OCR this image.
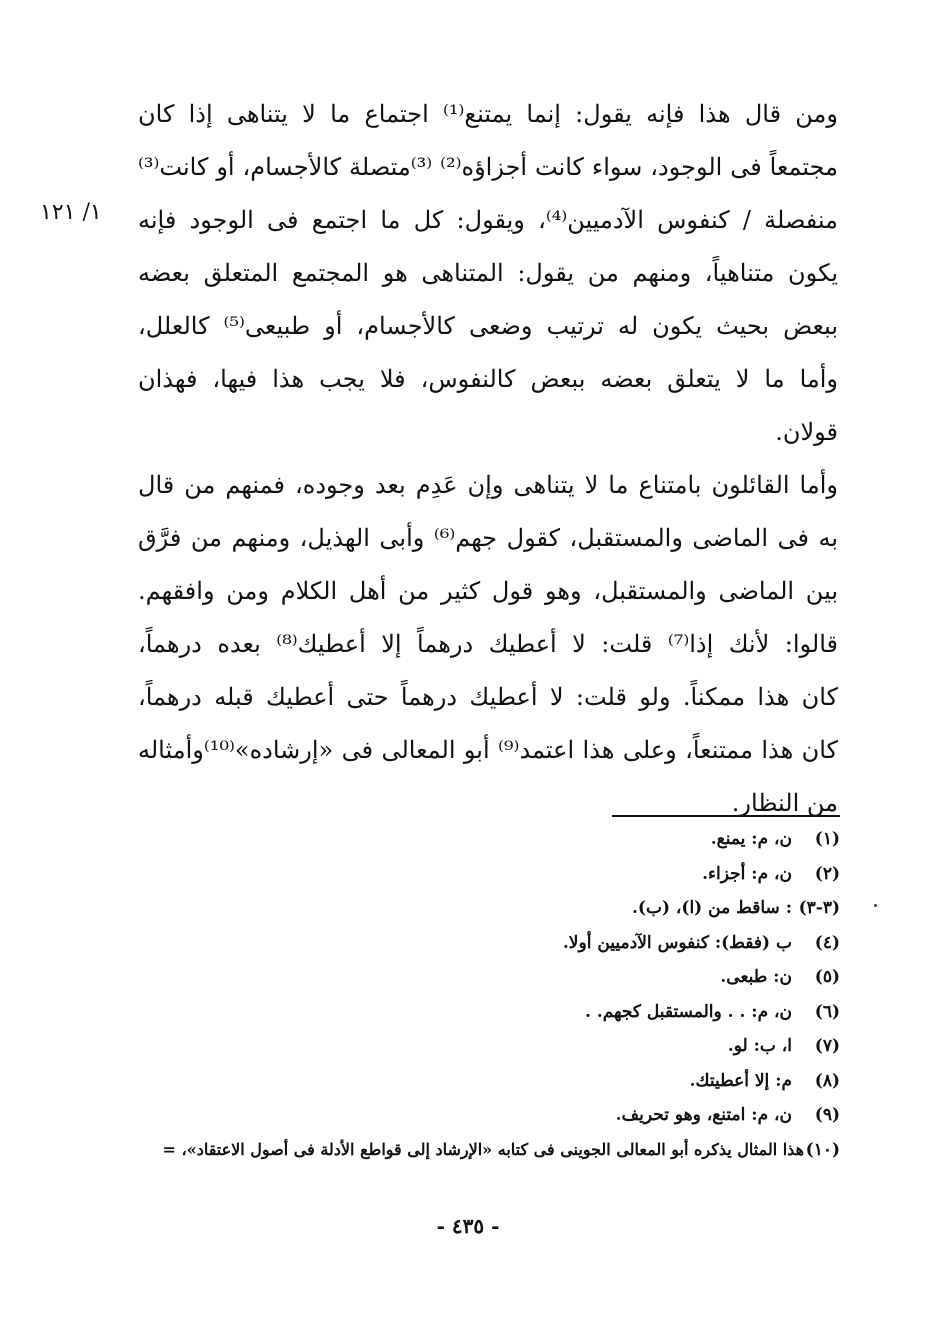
١/ ١٢١
ومن قال هذا فإنه يقول: إنما يمتنع⁽¹⁾ اجتماع ما لا يتناهى إذا كان
مجتمعاً فى الوجود، سواء كانت أجزاؤه⁽²⁾ ⁽³⁾متصلة كالأجسام، أو كانت⁽³⁾
منفصلة / كنفوس الآدميين⁽⁴⁾، ويقول: كل ما اجتمع فى الوجود فإنه
يكون متناهياً، ومنهم من يقول: المتناهى هو المجتمع المتعلق بعضه
ببعض بحيث يكون له ترتيب وضعى كالأجسام، أو طبيعى⁽⁵⁾ كالعلل،
وأما ما لا يتعلق بعضه ببعض كالنفوس، فلا يجب هذا فيها، فهذان
قولان.
وأما القائلون بامتناع ما لا يتناهى وإن عَدِم بعد وجوده، فمنهم من قال
به فى الماضى والمستقبل، كقول جهم⁽⁶⁾ وأبى الهذيل، ومنهم من فرَّق
بين الماضى والمستقبل، وهو قول كثير من أهل الكلام ومن وافقهم.
قالوا: لأنك إذا⁽⁷⁾ قلت: لا أعطيك درهماً إلا أعطيك⁽⁸⁾ بعده درهماً،
كان هذا ممكناً. ولو قلت: لا أعطيك درهماً حتى أعطيك قبله درهماً،
كان هذا ممتنعاً، وعلى هذا اعتمد⁽⁹⁾ أبو المعالى فى «إرشاده»⁽¹⁰⁾وأمثاله
من النظار.
(١)ن، م: يمنع.
(٢)ن، م: أجزاء.
(٣-٣): ساقط من (ا)، (ب).
(٤)ب (فقط): كنفوس الآدميين أولا.
(٥)ن: طبعى.
(٦)ن، م: . . والمستقبل كجهم. .
(٧)ا، ب: لو.
(٨)م: إلا أعطيتك.
(٩)ن، م: امتنع، وهو تحريف.
(١٠)هذا المثال يذكره أبو المعالى الجوينى فى كتابه «الإرشاد إلى قواطع الأدلة فى أصول الاعتقاد»، =
- ٤٣٥ -
